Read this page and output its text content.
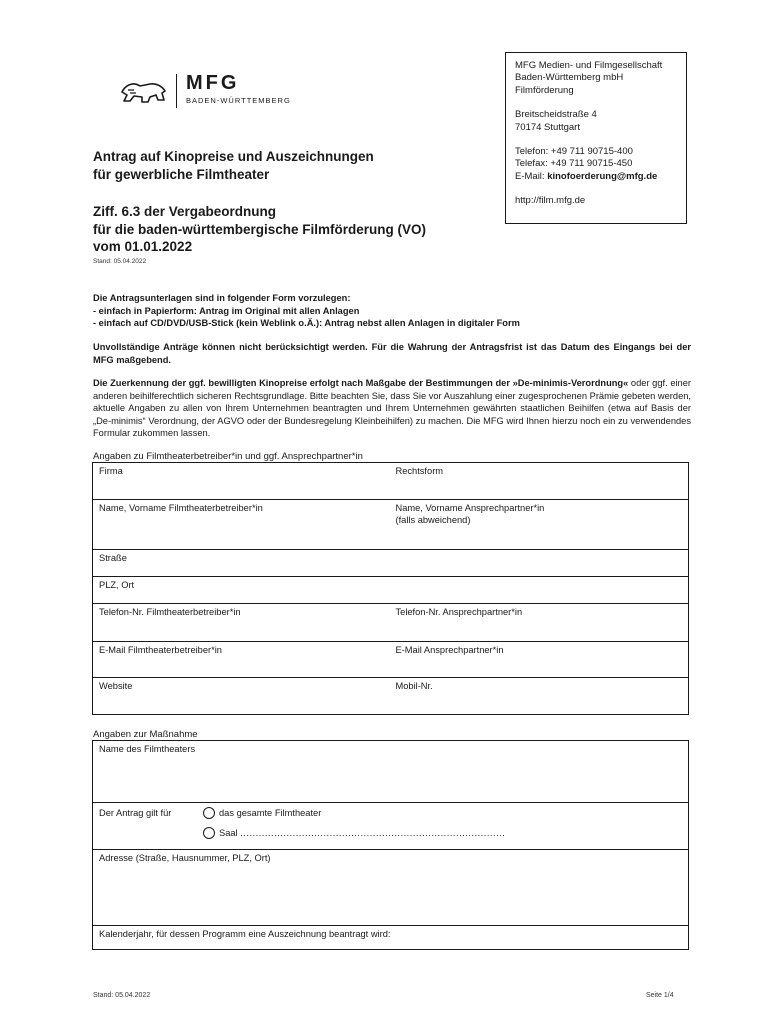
MFG
BADEN-WÜRTTEMBERG
MFG Medien- und Filmgesellschaft
Baden-Württemberg mbH
Filmförderung
Breitscheidstraße 4
70174 Stuttgart
Telefon: +49 711 90715-400
Telefax: +49 711 90715-450
E-Mail: kinofoerderung@mfg.de
http://film.mfg.de
Antrag auf Kinopreise und Auszeichnungen
für gewerbliche Filmtheater
Ziff. 6.3 der Vergabeordnung
für die baden-württembergische Filmförderung (VO)
vom 01.01.2022
Stand: 05.04.2022
Die Antragsunterlagen sind in folgender Form vorzulegen:
- einfach in Papierform: Antrag im Original mit allen Anlagen
- einfach auf CD/DVD/USB-Stick (kein Weblink o.Ä.): Antrag nebst allen Anlagen in digitaler Form
Unvollständige Anträge können nicht berücksichtigt werden. Für die Wahrung der Antragsfrist ist das Datum des Eingangs bei der MFG maßgebend.
Die Zuerkennung der ggf. bewilligten Kinopreise erfolgt nach Maßgabe der Bestimmungen der »De-minimis-Verordnung« oder ggf. einer anderen beihilferechtlich sicheren Rechtsgrundlage. Bitte beachten Sie, dass Sie vor Auszahlung einer zugesprochenen Prämie gebeten werden, aktuelle Angaben zu allen von Ihrem Unternehmen beantragten und Ihrem Unternehmen gewährten staatlichen Beihilfen (etwa auf Basis der „De-minimis“ Verordnung, der AGVO oder der Bundesregelung Kleinbeihilfen) zu machen. Die MFG wird Ihnen hierzu noch ein zu verwendendes Formular zukommen lassen.
Angaben zu Filmtheaterbetreiber*in und ggf. Ansprechpartner*in
Firma	Rechtsform
Name, Vorname Filmtheaterbetreiber*in	Name, Vorname Ansprechpartner*in
(falls abweichend)

Straße	
PLZ, Ort	
Telefon-Nr. Filmtheaterbetreiber*in	Telefon-Nr. Ansprechpartner*in
E-Mail Filmtheaterbetreiber*in	E-Mail Ansprechpartner*in
Website	Mobil-Nr.
Angaben zur Maßnahme
Name des Filmtheaters

Der Antrag gilt für	das gesamte Filmtheater
Saal
......................................................................................

Adresse (Straße, Hausnummer, PLZ, Ort)
Kalenderjahr, für dessen Programm eine Auszeichnung beantragt wird:
Stand: 05.04.2022	Seite 1/4
